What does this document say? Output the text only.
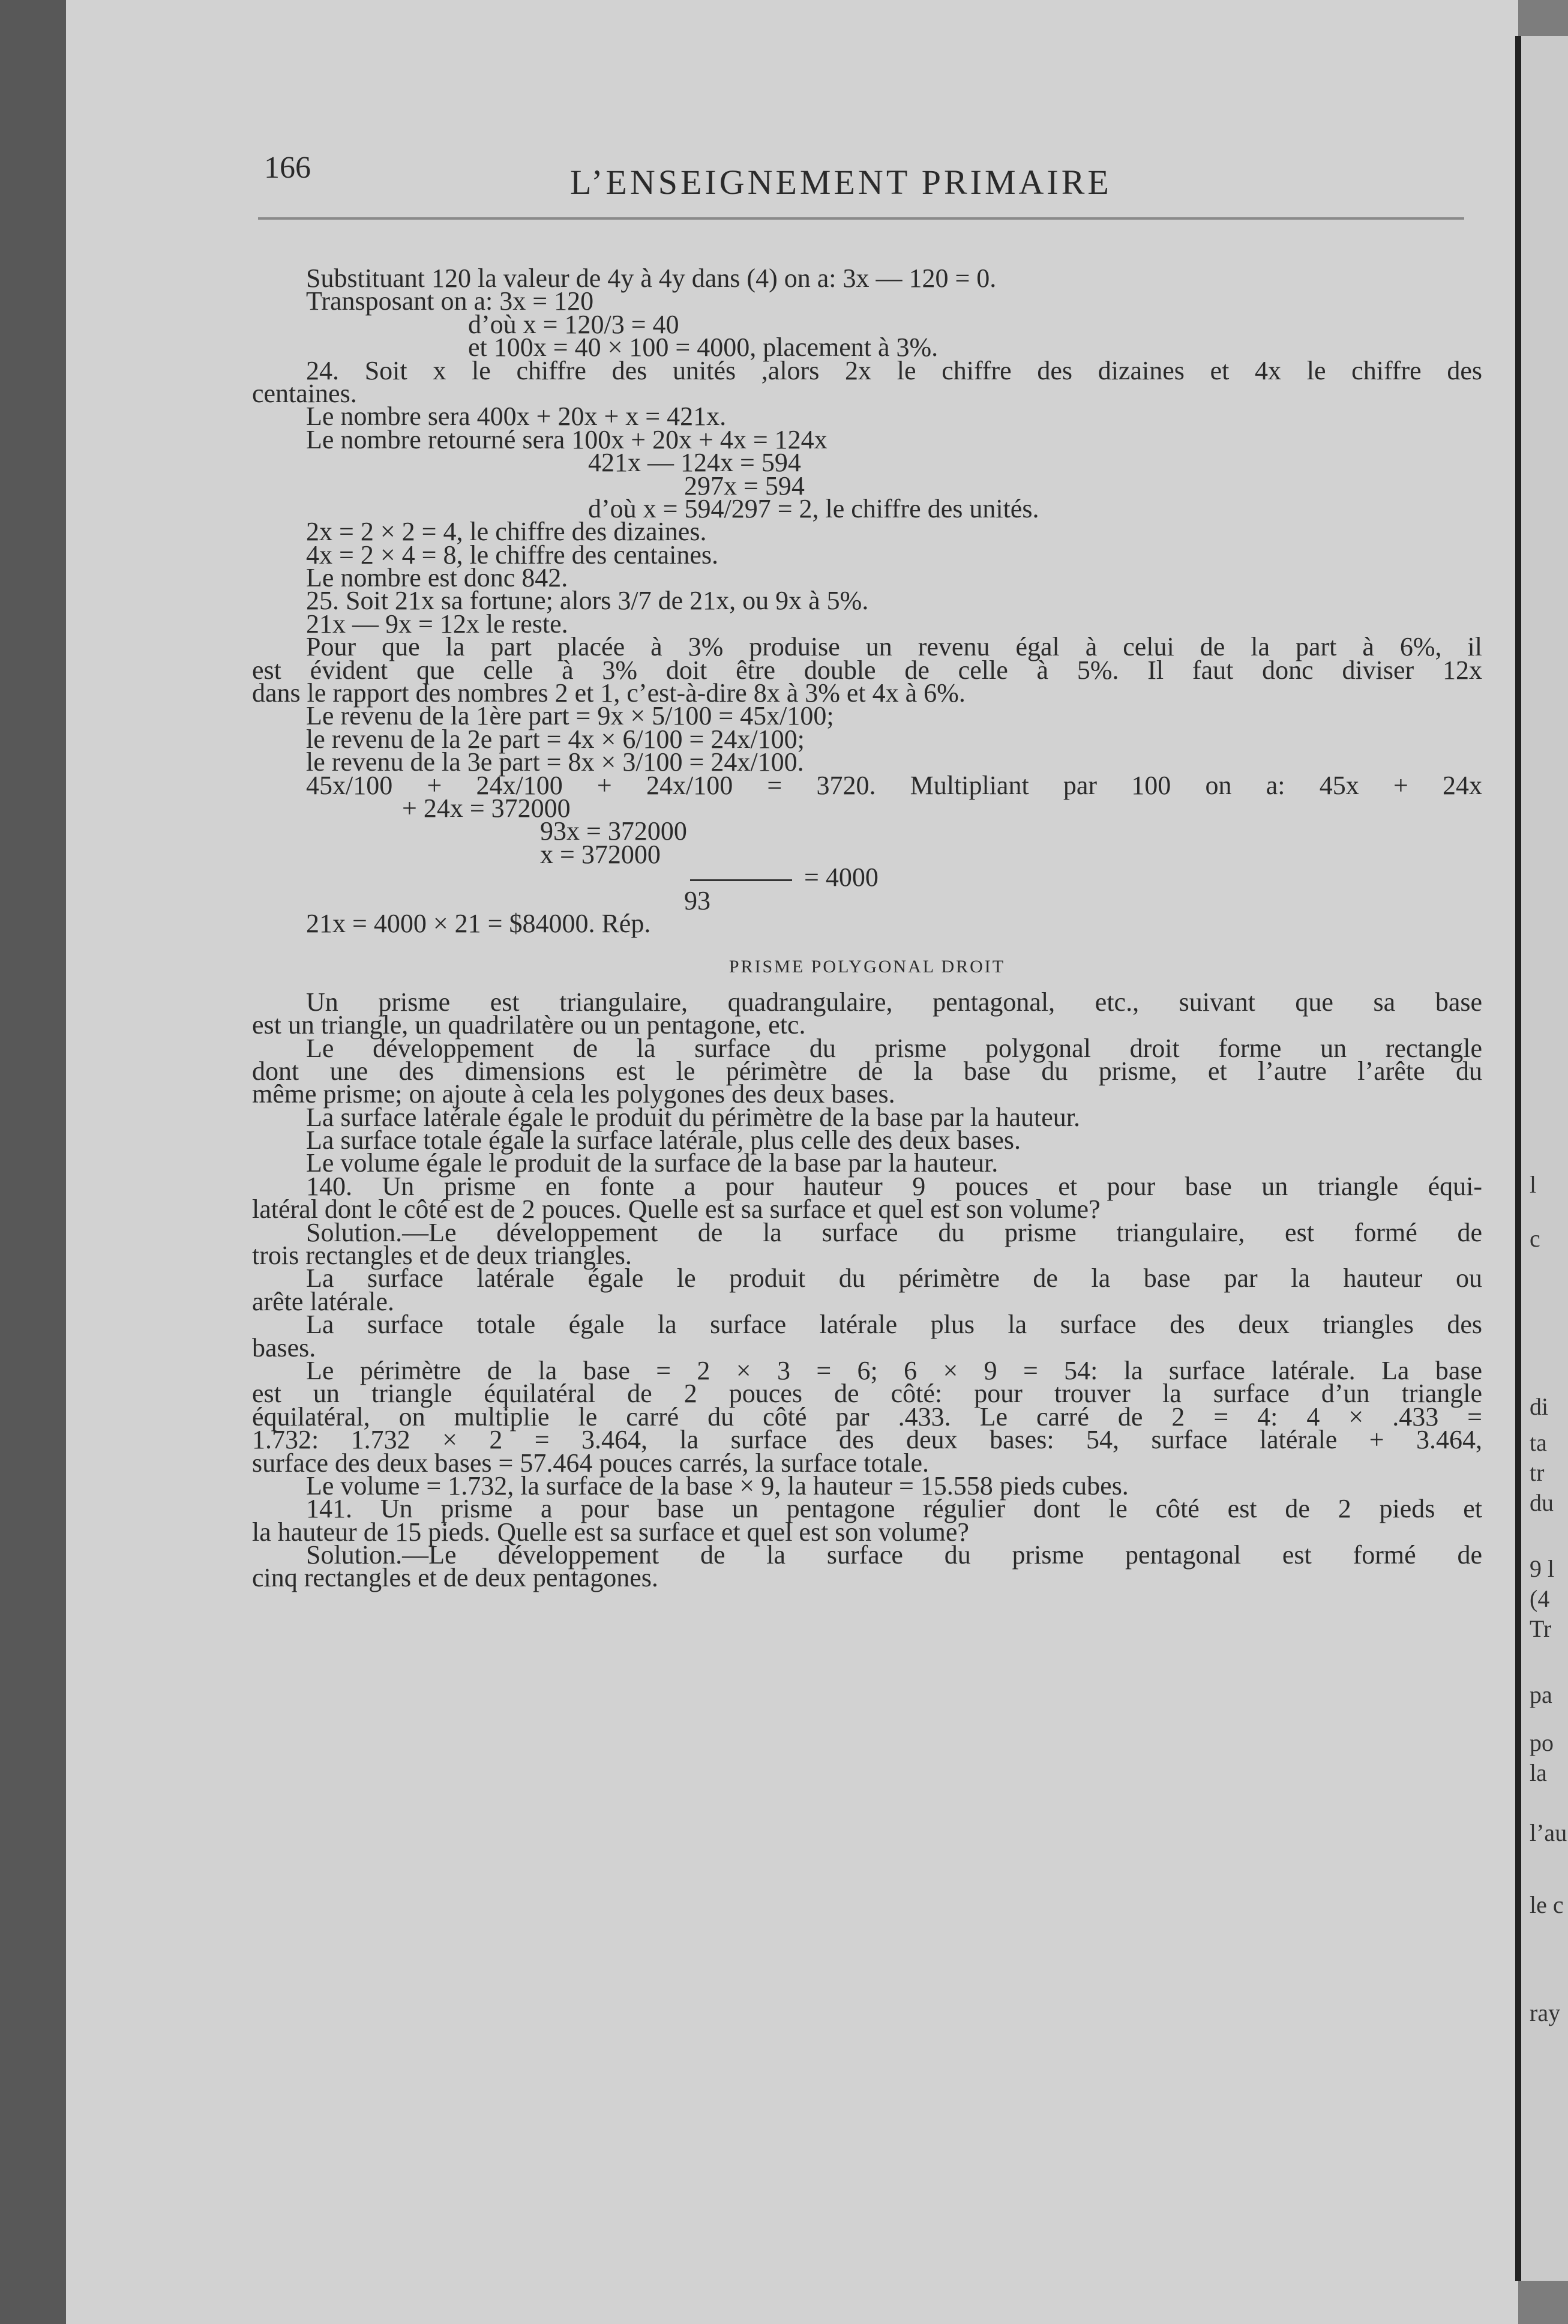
166	L’ENSEIGNEMENT PRIMAIRE
Substituant 120 la valeur de 4y à 4y dans (4) on a: 3x — 120 = 0.
Transposant on a: 3x = 120
d’où x = 120/3 = 40
et 100x = 40 × 100 = 4000, placement à 3%.
24. Soit x le chiffre des unités ,alors 2x le chiffre des dizaines et 4x le chiffre des
centaines.
Le nombre sera 400x + 20x + x = 421x.
Le nombre retourné sera 100x + 20x + 4x = 124x
421x — 124x = 594
297x = 594
d’où x = 594/297 = 2, le chiffre des unités.
2x = 2 × 2 = 4, le chiffre des dizaines.
4x = 2 × 4 = 8, le chiffre des centaines.
Le nombre est donc 842.
25. Soit 21x sa fortune; alors 3/7 de 21x, ou 9x à 5%.
21x — 9x = 12x le reste.
Pour que la part placée à 3% produise un revenu égal à celui de la part à 6%, il
est évident que celle à 3% doit être double de celle à 5%. Il faut donc diviser 12x
dans le rapport des nombres 2 et 1, c’est-à-dire 8x à 3% et 4x à 6%.
Le revenu de la 1ère part = 9x × 5/100 = 45x/100;
le revenu de la 2e part = 4x × 6/100 = 24x/100;
le revenu de la 3e part = 8x × 3/100 = 24x/100.
45x/100 + 24x/100 + 24x/100 = 3720. Multipliant par 100 on a: 45x + 24x
+ 24x = 372000
93x = 372000
x = 372000
= 4000
93
21x = 4000 × 21 = $84000. Rép.
PRISME POLYGONAL DROIT
Un prisme est triangulaire, quadrangulaire, pentagonal, etc., suivant que sa base
est un triangle, un quadrilatère ou un pentagone, etc.
Le développement de la surface du prisme polygonal droit forme un rectangle
dont une des dimensions est le périmètre de la base du prisme, et l’autre l’arête du
même prisme; on ajoute à cela les polygones des deux bases.
La surface latérale égale le produit du périmètre de la base par la hauteur.
La surface totale égale la surface latérale, plus celle des deux bases.
Le volume égale le produit de la surface de la base par la hauteur.
140. Un prisme en fonte a pour hauteur 9 pouces et pour base un triangle équi-
latéral dont le côté est de 2 pouces. Quelle est sa surface et quel est son volume?
Solution.—Le développement de la surface du prisme triangulaire, est formé de
trois rectangles et de deux triangles.
La surface latérale égale le produit du périmètre de la base par la hauteur ou
arête latérale.
La surface totale égale la surface latérale plus la surface des deux triangles des
bases.
Le périmètre de la base = 2 × 3 = 6; 6 × 9 = 54: la surface latérale. La base
est un triangle équilatéral de 2 pouces de côté: pour trouver la surface d’un triangle
équilatéral, on multiplie le carré du côté par .433. Le carré de 2 = 4: 4 × .433 =
1.732: 1.732 × 2 = 3.464, la surface des deux bases: 54, surface latérale + 3.464,
surface des deux bases = 57.464 pouces carrés, la surface totale.
Le volume = 1.732, la surface de la base × 9, la hauteur = 15.558 pieds cubes.
141. Un prisme a pour base un pentagone régulier dont le côté est de 2 pieds et
la hauteur de 15 pieds. Quelle est sa surface et quel est son volume?
Solution.—Le développement de la surface du prisme pentagonal est formé de
cinq rectangles et de deux pentagones.
l
c
di
ta
tr
du
9 l
(4
Tr
pa
po
la
l’au
le c
ray
